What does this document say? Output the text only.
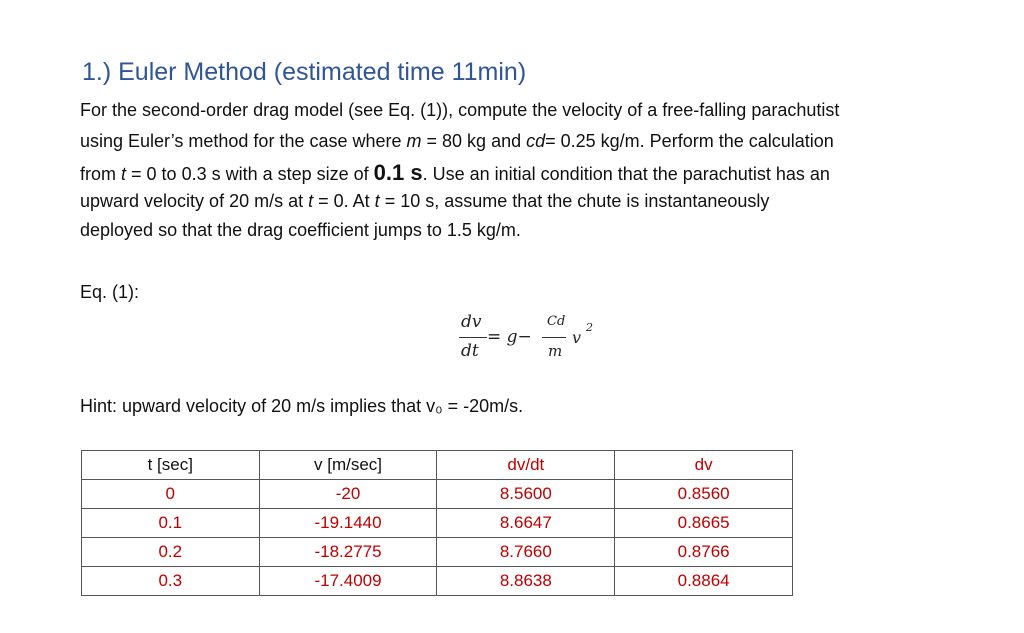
1.) Euler Method (estimated time 11min)
For the second-order drag model (see Eq. (1)), compute the velocity of a free-falling parachutist
using Euler’s method for the case where m = 80 kg and cd= 0.25 kg/m. Perform the calculation
from t = 0 to 0.3 s with a step size of 0.1 s. Use an initial condition that the parachutist has an
upward velocity of 20 m/s at t = 0. At t = 10 s, assume that the chute is instantaneously
deployed so that the drag coefficient jumps to 1.5 kg/m.
Eq. (1):
dv
dt
= g−
Cd
m
v
2
Hint: upward velocity of 20 m/s implies that v₀ = -20m/s.
t [sec]	v [m/sec]	dv/dt	dv
0	-20	8.5600	0.8560
0.1	-19.1440	8.6647	0.8665
0.2	-18.2775	8.7660	0.8766
0.3	-17.4009	8.8638	0.8864
